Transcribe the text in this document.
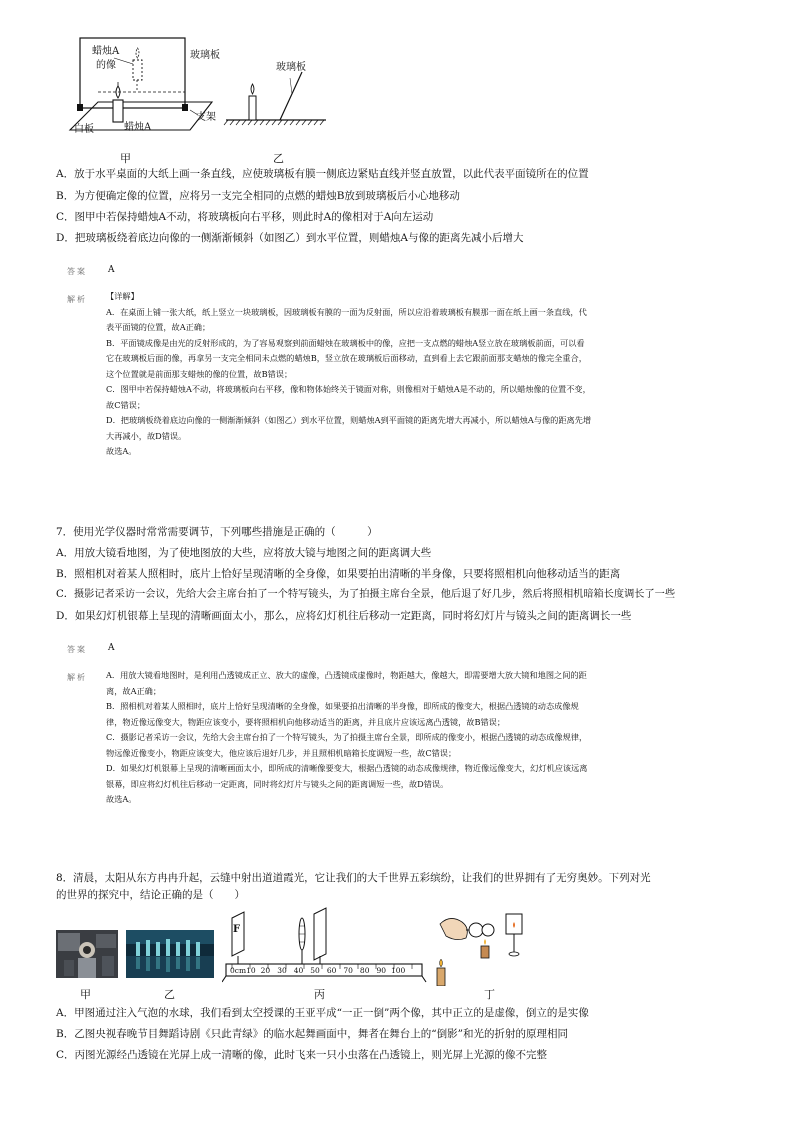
蜡烛A
的像
玻璃板
支架
白板	蜡烛A
甲
玻璃板
乙
A．放于水平桌面的大纸上画一条直线，应使玻璃板有膜一侧底边紧贴直线并竖直放置，以此代表平面镜所在的位置
B．为方便确定像的位置，应将另一支完全相同的点燃的蜡烛B放到玻璃板后小心地移动
C．图甲中若保持蜡烛A不动，将玻璃板向右平移，则此时A的像相对于A向左运动
D．把玻璃板绕着底边向像的一侧渐渐倾斜（如图乙）到水平位置，则蜡烛A与像的距离先减小后增大
答案 A
解析 【详解】
A．在桌面上铺一张大纸，纸上竖立一块玻璃板，因玻璃板有膜的一面为反射面，所以应沿着玻璃板有膜那一面在纸上画一条直线，代
表平面镜的位置，故A正确；
B．平面镜成像是由光的反射形成的，为了容易观察到前面蜡烛在玻璃板中的像，应把一支点燃的蜡烛A竖立放在玻璃板前面，可以看
它在玻璃板后面的像，再拿另一支完全相同未点燃的蜡烛B，竖立放在玻璃板后面移动，直到看上去它跟前面那支蜡烛的像完全重合，
这个位置就是前面那支蜡烛的像的位置，故B错误；
C．图甲中若保持蜡烛A不动，将玻璃板向右平移，像和物体始终关于镜面对称，则像相对于蜡烛A是不动的，所以蜡烛像的位置不变，
故C错误；
D．把玻璃板绕着底边向像的一侧渐渐倾斜（如图乙）到水平位置，则蜡烛A到平面镜的距离先增大再减小，所以蜡烛A与像的距离先增
大再减小，故D错误。
故选A。
7．使用光学仪器时常常需要调节，下列哪些措施是正确的（　　　）
A．用放大镜看地图，为了使地图放的大些，应将放大镜与地图之间的距离调大些
B．照相机对着某人照相时，底片上恰好呈现清晰的全身像，如果要拍出清晰的半身像，只要将照相机向他移动适当的距离
C．摄影记者采访一会议，先给大会主席台拍了一个特写镜头，为了拍摄主席台全景，他后退了好几步，然后将照相机暗箱长度调长了一些
D．如果幻灯机银幕上呈现的清晰画面太小，那么，应将幻灯机往后移动一定距离，同时将幻灯片与镜头之间的距离调长一些
答案 A
解析 A．用放大镜看地图时，是利用凸透镜成正立、放大的虚像，凸透镜成虚像时，物距越大，像越大，即需要增大放大镜和地图之间的距
离，故A正确；
B．照相机对着某人照相时，底片上恰好呈现清晰的全身像，如果要拍出清晰的半身像，即所成的像变大，根据凸透镜的动态成像规
律，物近像远像变大，物距应该变小，要将照相机向他移动适当的距离，并且底片应该远离凸透镜，故B错误；
C．摄影记者采访一会议，先给大会主席台拍了一个特写镜头，为了拍摄主席台全景，即所成的像变小，根据凸透镜的动态成像规律，
物远像近像变小，物距应该变大，他应该后退好几步，并且照相机暗箱长度调短一些，故C错误；
D．如果幻灯机银幕上呈现的清晰画面太小，即所成的清晰像要变大，根据凸透镜的动态成像规律，物近像远像变大，幻灯机应该远离
银幕，即应将幻灯机往后移动一定距离，同时将幻灯片与镜头之间的距离调短一些，故D错误。
故选A。
8．清晨，太阳从东方冉冉升起，云缝中射出道道霞光，它让我们的大千世界五彩缤纷，让我们的世界拥有了无穷奥妙。下列对光
的世界的探究中，结论正确的是（　　）
F
0cm10 20 30 40 50 60 70 80 90 100
甲	乙	丙	丁
A．甲图通过注入气泡的水球，我们看到太空授课的王亚平成“一正一倒”两个像，其中正立的是虚像，倒立的是实像
B．乙图央视春晚节目舞蹈诗剧《只此青绿》的临水起舞画面中，舞者在舞台上的“倒影”和光的折射的原理相同
C．丙图光源经凸透镜在光屏上成一清晰的像，此时飞来一只小虫落在凸透镜上，则光屏上光源的像不完整
